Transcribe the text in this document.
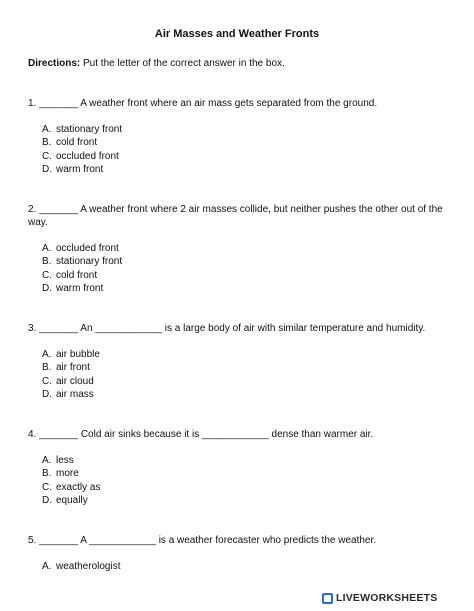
Air Masses and Weather Fronts
Directions: Put the letter of the correct answer in the box.
1. _______ A weather front where an air mass gets separated from the ground.
A. stationary front
B. cold front
C. occluded front
D. warm front
2. _______ A weather front where 2 air masses collide, but neither pushes the other out of the way.
A. occluded front
B. stationary front
C. cold front
D. warm front
3. _______ An ____________ is a large body of air with similar temperature and humidity.
A. air bubble
B. air front
C. air cloud
D. air mass
4. _______ Cold air sinks because it is ____________ dense than warmer air.
A. less
B. more
C. exactly as
D. equally
5. _______ A ____________ is a weather forecaster who predicts the weather.
A. weatherologist
LIVEWORKSHEETS
